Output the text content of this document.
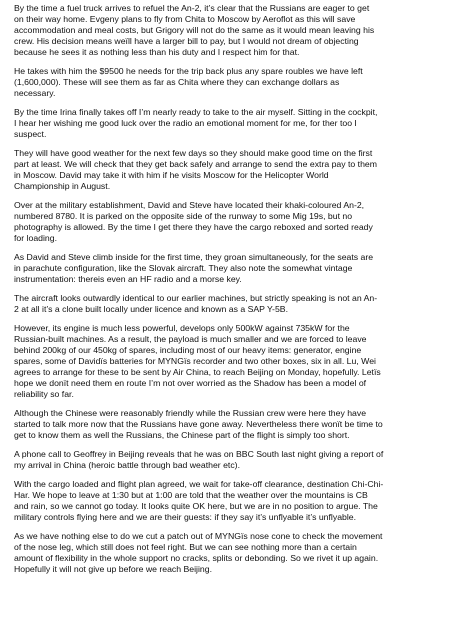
By the time a fuel truck arrives to refuel the An-2, it’s clear that the Russians are eager to get
on their way home. Evgeny plans to fly from Chita to Moscow by Aeroflot as this will save
accommodation and meal costs, but Grigory will not do the same as it would mean leaving his
crew. His decision means weïll have a larger bill to pay, but I would not dream of objecting
because he sees it as nothing less than his duty and I respect him for that.

He takes with him the $9500 he needs for the trip back plus any spare roubles we have left
(1,600,000). These will see them as far as Chita where they can exchange dollars as
necessary.

By the time Irina finally takes off I’m nearly ready to take to the air myself. Sitting in the cockpit,
I hear her wishing me good luck over the radio an emotional moment for me, for ther too I
suspect.

They will have good weather for the next few days so they should make good time on the first
part at least. We will check that they get back safely and arrange to send the extra pay to them
in Moscow. David may take it with him if he visits Moscow for the Helicopter World
Championship in August.

Over at the military establishment, David and Steve have located their khaki-coloured An-2,
numbered 8780. It is parked on the opposite side of the runway to some Mig 19s, but no
photography is allowed. By the time I get there they have the cargo reboxed and sorted ready
for loading.

As David and Steve climb inside for the first time, they groan simultaneously, for the seats are
in parachute configuration, like the Slovak aircraft. They also note the somewhat vintage
instrumentation: thereis even an HF radio and a morse key.

The aircraft looks outwardly identical to our earlier machines, but strictly speaking is not an An-
2 at all it’s a clone built locally under licence and known as a SAP Y-5B.

However, its engine is much less powerful, develops only 500kW against 735kW for the
Russian-built machines. As a result, the payload is much smaller and we are forced to leave
behind 200kg of our 450kg of spares, including most of our heavy items: generator, engine
spares, some of Davidïs batteries for MYNGïs recorder and two other boxes, six in all. Lu, Wei
agrees to arrange for these to be sent by Air China, to reach Beijing on Monday, hopefully. Letïs
hope we donït need them en route I’m not over worried as the Shadow has been a model of
reliability so far.

Although the Chinese were reasonably friendly while the Russian crew were here they have
started to talk more now that the Russians have gone away. Nevertheless there wonït be time to
get to know them as well the Russians, the Chinese part of the flight is simply too short.

A phone call to Geoffrey in Beijing reveals that he was on BBC South last night giving a report of
my arrival in China (heroic battle through bad weather etc).

With the cargo loaded and flight plan agreed, we wait for take-off clearance, destination Chi-Chi-
Har. We hope to leave at 1:30 but at 1:00 are told that the weather over the mountains is CB
and rain, so we cannot go today. It looks quite OK here, but we are in no position to argue. The
military controls flying here and we are their guests: if they say it’s unflyable it’s unflyable.

As we have nothing else to do we cut a patch out of MYNGïs nose cone to check the movement
of the nose leg, which still does not feel right. But we can see nothing more than a certain
amount of flexibility in the whole support no cracks, splits or debonding. So we rivet it up again.
Hopefully it will not give up before we reach Beijing.
